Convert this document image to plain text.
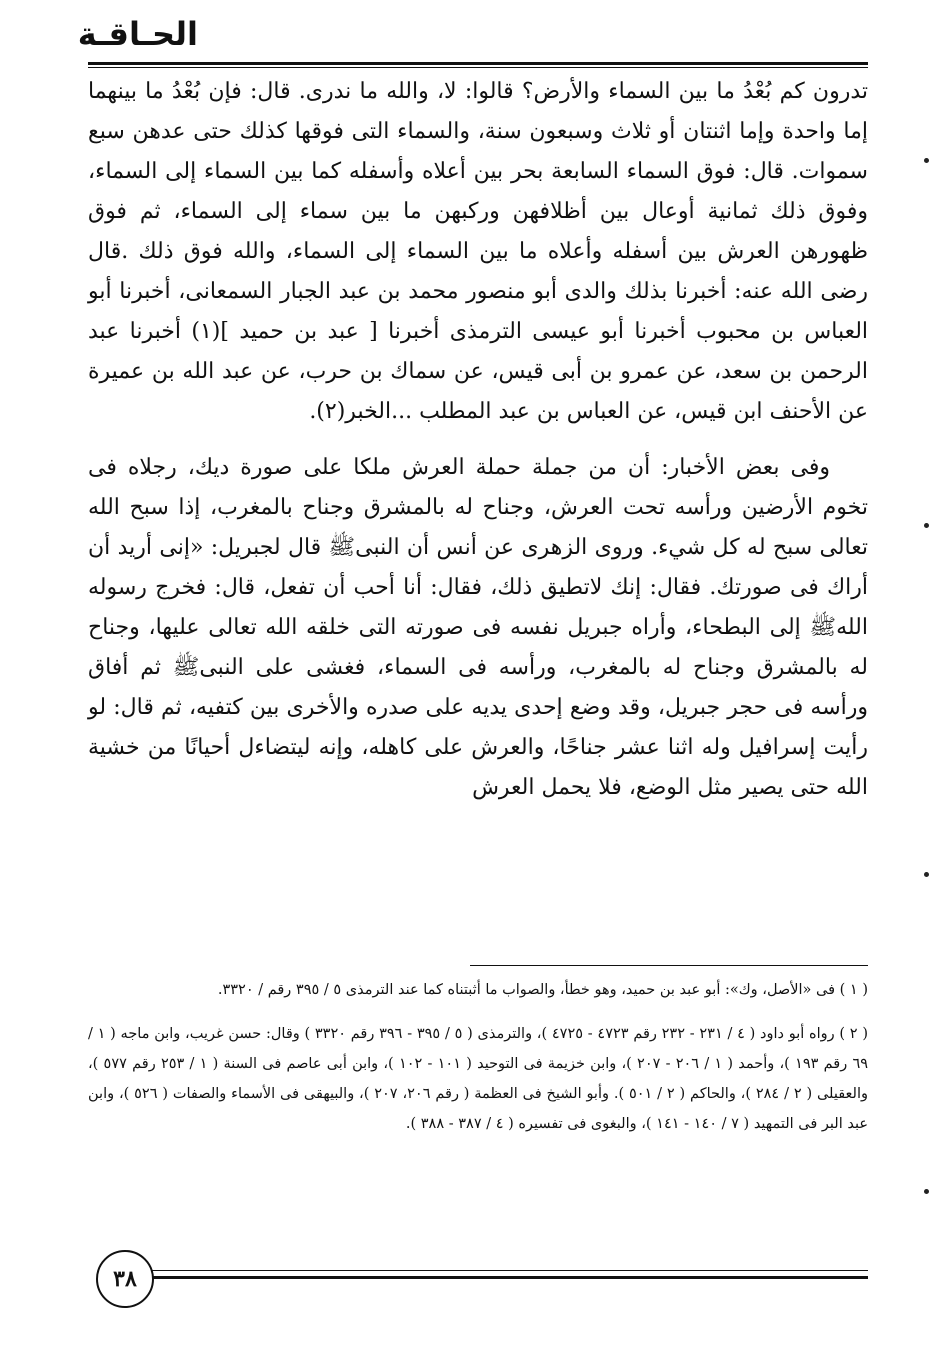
الحـاقـة

تدرون كم بُعْدُ ما بين السماء والأرض؟ قالوا: لا، والله ما ندرى. قال: فإن بُعْدُ ما بينهما إما واحدة وإما اثنتان أو ثلاث وسبعون سنة، والسماء التى فوقها كذلك حتى عدهن سبع سموات. قال: فوق السماء السابعة بحر بين أعلاه وأسفله كما بين السماء إلى السماء، وفوق ذلك ثمانية أوعال بين أظلافهن وركبهن ما بين سماء إلى السماء، ثم فوق ظهورهن العرش بين أسفله وأعلاه ما بين السماء إلى السماء، والله فوق ذلك .قال رضى الله عنه: أخبرنا بذلك والدى أبو منصور محمد بن عبد الجبار السمعانى، أخبرنا أبو العباس بن محبوب أخبرنا أبو عيسى الترمذى أخبرنا [ عبد بن حميد ](١) أخبرنا عبد الرحمن بن سعد، عن عمرو بن أبى قيس، عن سماك بن حرب، عن عبد الله بن عميرة عن الأحنف ابن قيس، عن العباس بن عبد المطلب ...الخبر(٢).

وفى بعض الأخبار: أن من جملة حملة العرش ملكا على صورة ديك، رجلاه فى تخوم الأرضين ورأسه تحت العرش، وجناح له بالمشرق وجناح بالمغرب، إذا سبح الله تعالى سبح له كل شيء. وروى الزهرى عن أنس أن النبىﷺ قال لجبريل: «إنى أريد أن أراك فى صورتك. فقال: إنك لاتطيق ذلك، فقال: أنا أحب أن تفعل، قال: فخرج رسوله اللهﷺ إلى البطحاء، وأراه جبريل نفسه فى صورته التى خلقه الله تعالى عليها، وجناح له بالمشرق وجناح له بالمغرب، ورأسه فى السماء، فغشى على النبىﷺ ثم أفاق ورأسه فى حجر جبريل، وقد وضع إحدى يديه على صدره والأخرى بين كتفيه، ثم قال: لو رأيت إسرافيل وله اثنا عشر جناحًا، والعرش على كاهله، وإنه ليتضاءل أحيانًا من خشية الله حتى يصير مثل الوضع، فلا يحمل العرش

( ١ ) فى «الأصل، وك»: أبو عبد بن حميد، وهو خطأ، والصواب ما أثبتناه كما عند الترمذى ٥ / ٣٩٥ رقم / ٣٣٢٠.

( ٢ ) رواه أبو داود ( ٤ / ٢٣١ - ٢٣٢ رقم ٤٧٢٣ - ٤٧٢٥ )، والترمذى ( ٥ / ٣٩٥ - ٣٩٦ رقم ٣٣٢٠ ) وقال: حسن غريب، وابن ماجه ( ١ / ٦٩ رقم ١٩٣ )، وأحمد ( ١ / ٢٠٦ - ٢٠٧ )، وابن خزيمة فى التوحيد ( ١٠١ - ١٠٢ )، وابن أبى عاصم فى السنة ( ١ / ٢٥٣ رقم ٥٧٧ )، والعقيلى ( ٢ / ٢٨٤ )، والحاكم ( ٢ / ٥٠١ ). وأبو الشيخ فى العظمة ( رقم ٢٠٦، ٢٠٧ )، والبيهقى فى الأسماء والصفات ( ٥٢٦ )، وابن عبد البر فى التمهيد ( ٧ / ١٤٠ - ١٤١ )، والبغوى فى تفسيره ( ٤ / ٣٨٧ - ٣٨٨ ).

٣٨
